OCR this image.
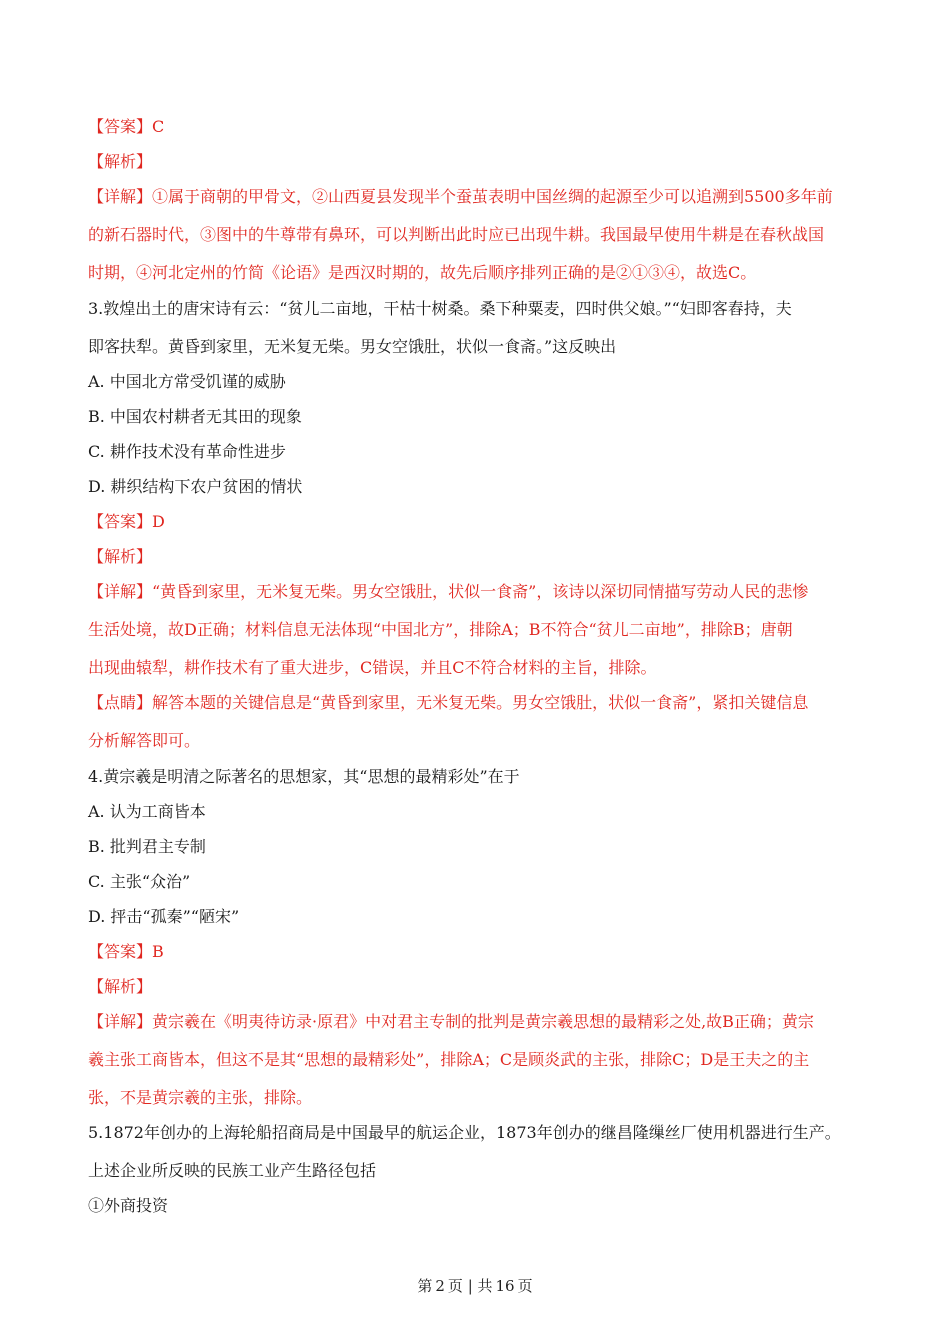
【答案】C
【解析】
【详解】①属于商朝的甲骨文，②山西夏县发现半个蚕茧表明中国丝绸的起源至少可以追溯到5500多年前
的新石器时代，③图中的牛尊带有鼻环，可以判断出此时应已出现牛耕。我国最早使用牛耕是在春秋战国
时期，④河北定州的竹简《论语》是西汉时期的，故先后顺序排列正确的是②①③④，故选C。
3.敦煌出土的唐宋诗有云：“贫儿二亩地，干枯十树桑。桑下种粟麦，四时供父娘。”“妇即客舂持，夫
即客扶犁。黄昏到家里，无米复无柴。男女空饿肚，状似一食斋。”这反映出
A. 中国北方常受饥谨的威胁
B. 中国农村耕者无其田的现象
C. 耕作技术没有革命性进步
D. 耕织结构下农户贫困的情状
【答案】D
【解析】
【详解】“黄昏到家里，无米复无柴。男女空饿肚，状似一食斋”，该诗以深切同情描写劳动人民的悲惨
生活处境，故D正确；材料信息无法体现“中国北方”，排除A；B不符合“贫儿二亩地”，排除B；唐朝
出现曲辕犁，耕作技术有了重大进步，C错误，并且C不符合材料的主旨，排除。
【点睛】解答本题的关键信息是“黄昏到家里，无米复无柴。男女空饿肚，状似一食斋”，紧扣关键信息
分析解答即可。
4.黄宗羲是明清之际著名的思想家，其“思想的最精彩处”在于
A. 认为工商皆本
B. 批判君主专制
C. 主张“众治”
D. 抨击“孤秦”“陋宋”
【答案】B
【解析】
【详解】黄宗羲在《明夷待访录·原君》中对君主专制的批判是黄宗羲思想的最精彩之处,故B正确；黄宗
羲主张工商皆本，但这不是其“思想的最精彩处”，排除A；C是顾炎武的主张，排除C；D是王夫之的主
张，不是黄宗羲的主张，排除。
5.1872年创办的上海轮船招商局是中国最早的航运企业，1873年创办的继昌隆缫丝厂使用机器进行生产。
上述企业所反映的民族工业产生路径包括
①外商投资
第 2 页 | 共 16 页
